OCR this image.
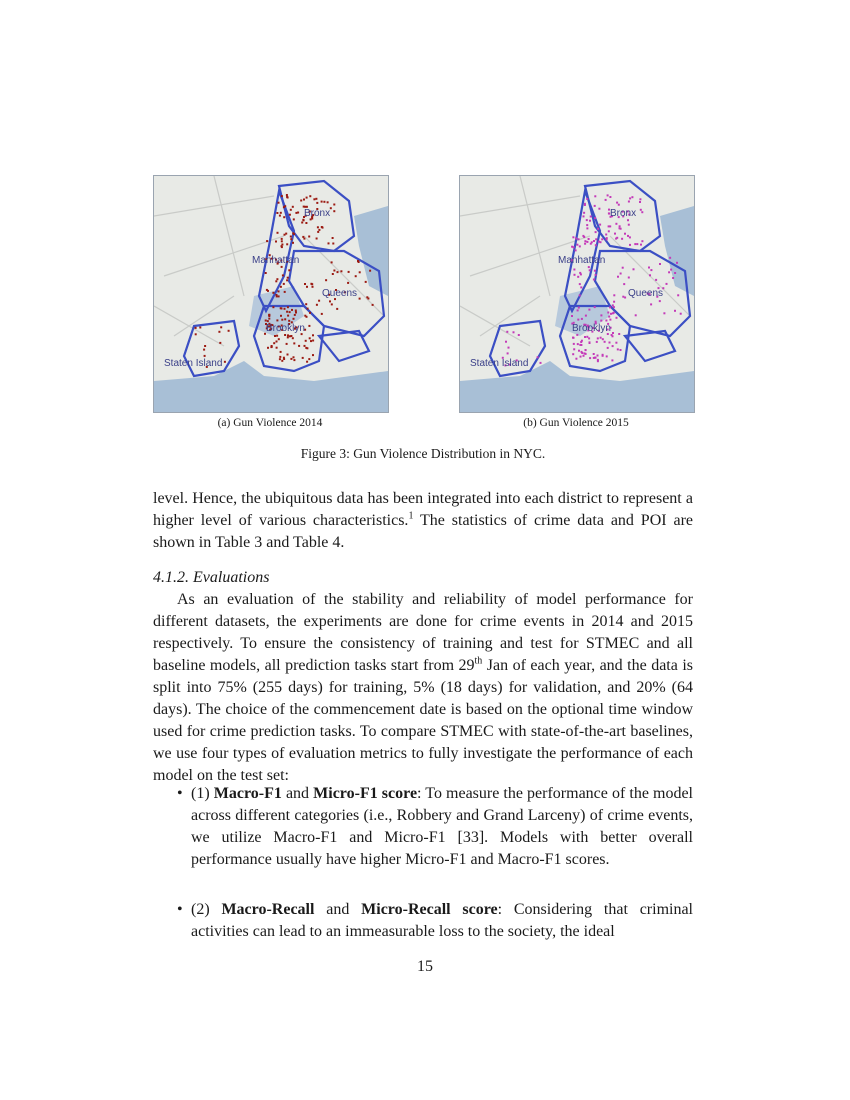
Bronx
Manhattan
Queens
Brooklyn
Staten Island
Bronx
Manhattan
Queens
Brooklyn
Staten Island
(a) Gun Violence 2014	(b) Gun Violence 2015
Figure 3: Gun Violence Distribution in NYC.
level. Hence, the ubiquitous data has been integrated into each district to represent a higher level of various characteristics.$^1$ The statistics of crime data and POI are shown in Table 3 and Table 4.
4.1.2. Evaluations
As an evaluation of the stability and reliability of model performance for different datasets, the experiments are done for crime events in 2014 and 2015 respectively. To ensure the consistency of training and test for STMEC and all baseline models, all prediction tasks start from 29th Jan of each year, and the data is split into 75% (255 days) for training, 5% (18 days) for validation, and 20% (64 days). The choice of the commencement date is based on the optional time window used for crime prediction tasks. To compare STMEC with state-of-the-art baselines, we use four types of evaluation metrics to fully investigate the performance of each model on the test set:
• (1) Macro-F1 and Micro-F1 score: To measure the performance of the model across different categories (i.e., Robbery and Grand Larceny) of crime events, we utilize Macro-F1 and Micro-F1 [33]. Models with better overall performance usually have higher Micro-F1 and Macro-F1 scores.
• (2) Macro-Recall and Micro-Recall score: Considering that criminal activities can lead to an immeasurable loss to the society, the ideal
15
